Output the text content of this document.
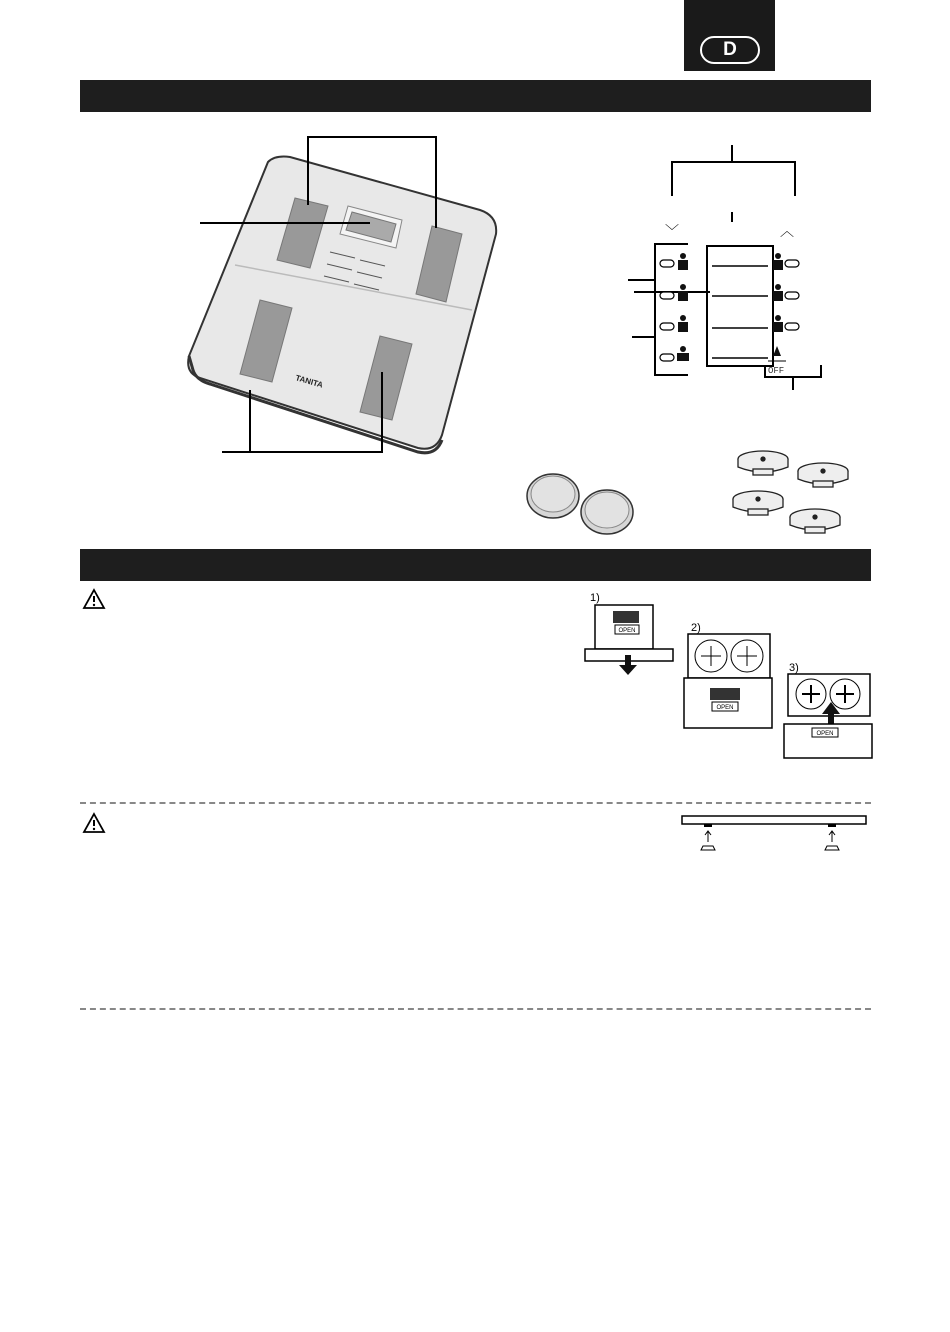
D
TANITA
﹀	︿
OFF
1)
OPEN	2)
OPEN
3)
OPEN
